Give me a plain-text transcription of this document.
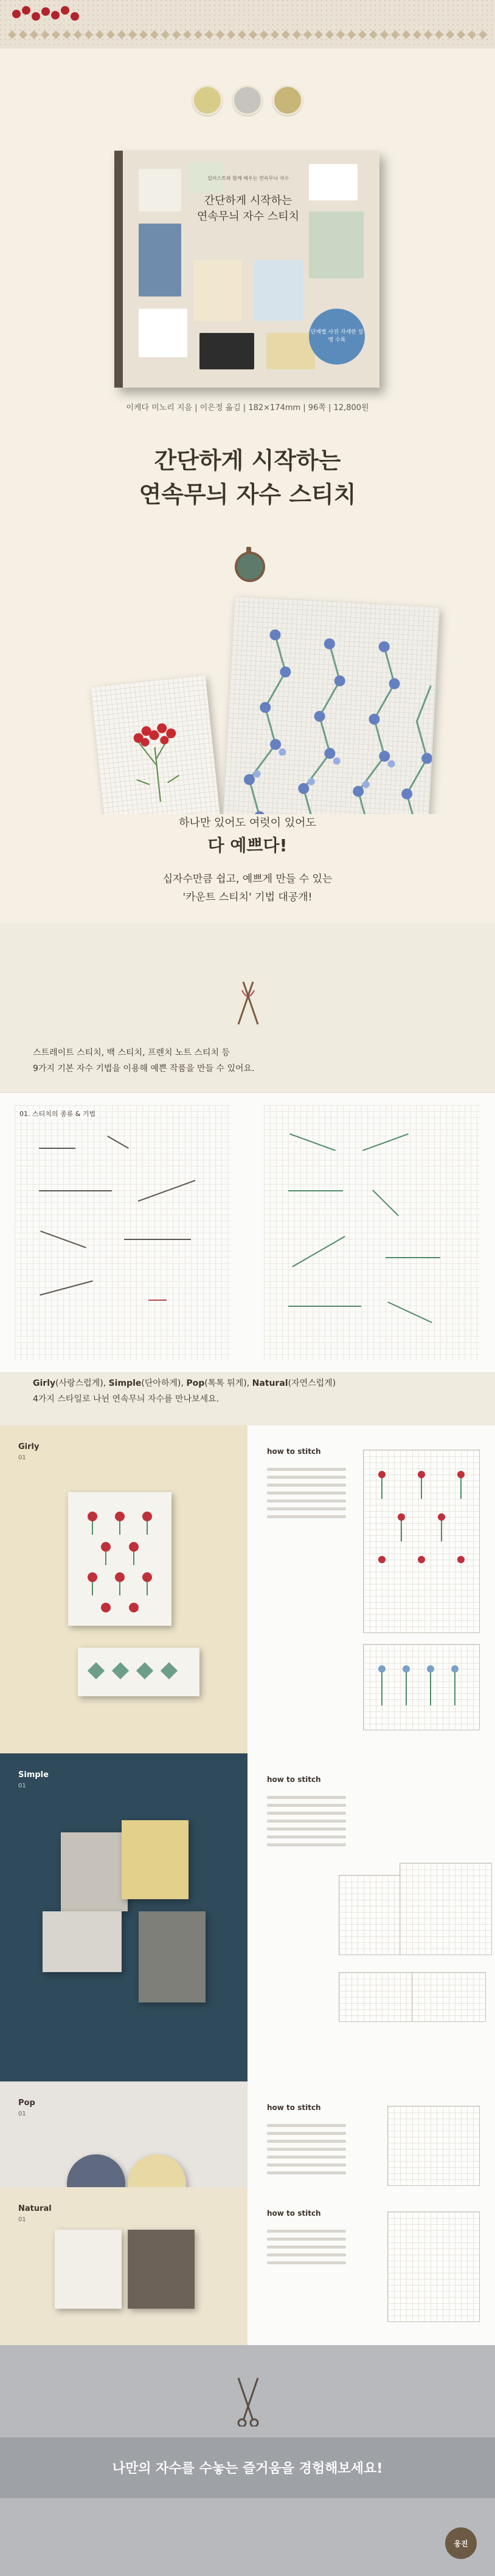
일러스트와 함께 배우는 연속무늬 자수
간단하게 시작하는
연속무늬 자수 스티치
단계별 사진 자세한 설명 수록
이케다 미노리 지음 | 이은정 옮김 | 182×174mm | 96쪽 | 12,800원
간단하게 시작하는
연속무늬 자수 스티치
하나만 있어도 여럿이 있어도
다 예쁘다!
십자수만큼 쉽고, 예쁘게 만들 수 있는
'카운트 스티치' 기법 대공개!
스트레이트 스티치, 백 스티치, 프렌치 노트 스티치 등
9가지 기본 자수 기법을 이용해 예쁜 작품을 만들 수 있어요.
01. 스티치의 종류 & 기법
Girly(사랑스럽게), Simple(단아하게), Pop(톡톡 튀게), Natural(자연스럽게)
4가지 스타일로 나뉜 연속무늬 자수를 만나보세요.
Girly
01
how to stitch
Simple
01
how to stitch
Pop
01
how to stitch
나만의 자수를 수놓는 즐거움을 경험해보세요!
웅진
Natural
01
how to stitch
